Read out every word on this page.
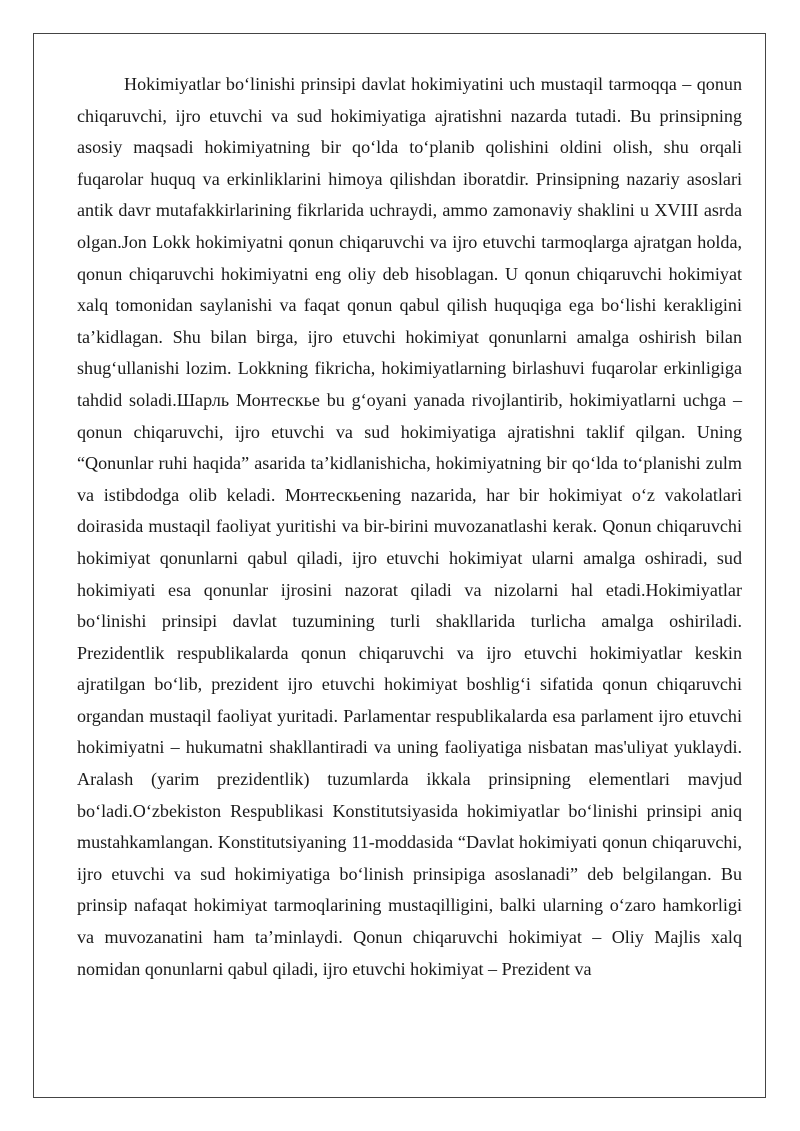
Hokimiyatlar bo‘linishi prinsipi davlat hokimiyatini uch mustaqil tarmoqqa – qonun chiqaruvchi, ijro etuvchi va sud hokimiyatiga ajratishni nazarda tutadi. Bu prinsipning asosiy maqsadi hokimiyatning bir qo‘lda to‘planib qolishini oldini olish, shu orqali fuqarolar huquq va erkinliklarini himoya qilishdan iboratdir. Prinsipning nazariy asoslari antik davr mutafakkirlarining fikrlarida uchraydi, ammo zamonaviy shaklini u XVIII asrda olgan.Jon Lokk hokimiyatni qonun chiqaruvchi va ijro etuvchi tarmoqlarga ajratgan holda, qonun chiqaruvchi hokimiyatni eng oliy deb hisoblagan. U qonun chiqaruvchi hokimiyat xalq tomonidan saylanishi va faqat qonun qabul qilish huquqiga ega bo‘lishi kerakligini ta’kidlagan. Shu bilan birga, ijro etuvchi hokimiyat qonunlarni amalga oshirish bilan shug‘ullanishi lozim. Lokkning fikricha, hokimiyatlarning birlashuvi fuqarolar erkinligiga tahdid soladi.Шарль Монтескье bu g‘oyani yanada rivojlantirib, hokimiyatlarni uchga – qonun chiqaruvchi, ijro etuvchi va sud hokimiyatiga ajratishni taklif qilgan. Uning “Qonunlar ruhi haqida” asarida ta’kidlanishicha, hokimiyatning bir qo‘lda to‘planishi zulm va istibdodga olib keladi. Монтескьening nazarida, har bir hokimiyat o‘z vakolatlari doirasida mustaqil faoliyat yuritishi va bir-birini muvozanatlashi kerak. Qonun chiqaruvchi hokimiyat qonunlarni qabul qiladi, ijro etuvchi hokimiyat ularni amalga oshiradi, sud hokimiyati esa qonunlar ijrosini nazorat qiladi va nizolarni hal etadi.Hokimiyatlar bo‘linishi prinsipi davlat tuzumining turli shakllarida turlicha amalga oshiriladi. Prezidentlik respublikalarda qonun chiqaruvchi va ijro etuvchi hokimiyatlar keskin ajratilgan bo‘lib, prezident ijro etuvchi hokimiyat boshlig‘i sifatida qonun chiqaruvchi organdan mustaqil faoliyat yuritadi. Parlamentar respublikalarda esa parlament ijro etuvchi hokimiyatni – hukumatni shakllantiradi va uning faoliyatiga nisbatan mas'uliyat yuklaydi. Aralash (yarim prezidentlik) tuzumlarda ikkala prinsipning elementlari mavjud bo‘ladi.O‘zbekiston Respublikasi Konstitutsiyasida hokimiyatlar bo‘linishi prinsipi aniq mustahkamlangan. Konstitutsiyaning 11-moddasida “Davlat hokimiyati qonun chiqaruvchi, ijro etuvchi va sud hokimiyatiga bo‘linish prinsipiga asoslanadi” deb belgilangan. Bu prinsip nafaqat hokimiyat tarmoqlarining mustaqilligini, balki ularning o‘zaro hamkorligi va muvozanatini ham ta’minlaydi. Qonun chiqaruvchi hokimiyat – Oliy Majlis xalq nomidan qonunlarni qabul qiladi, ijro etuvchi hokimiyat – Prezident va
